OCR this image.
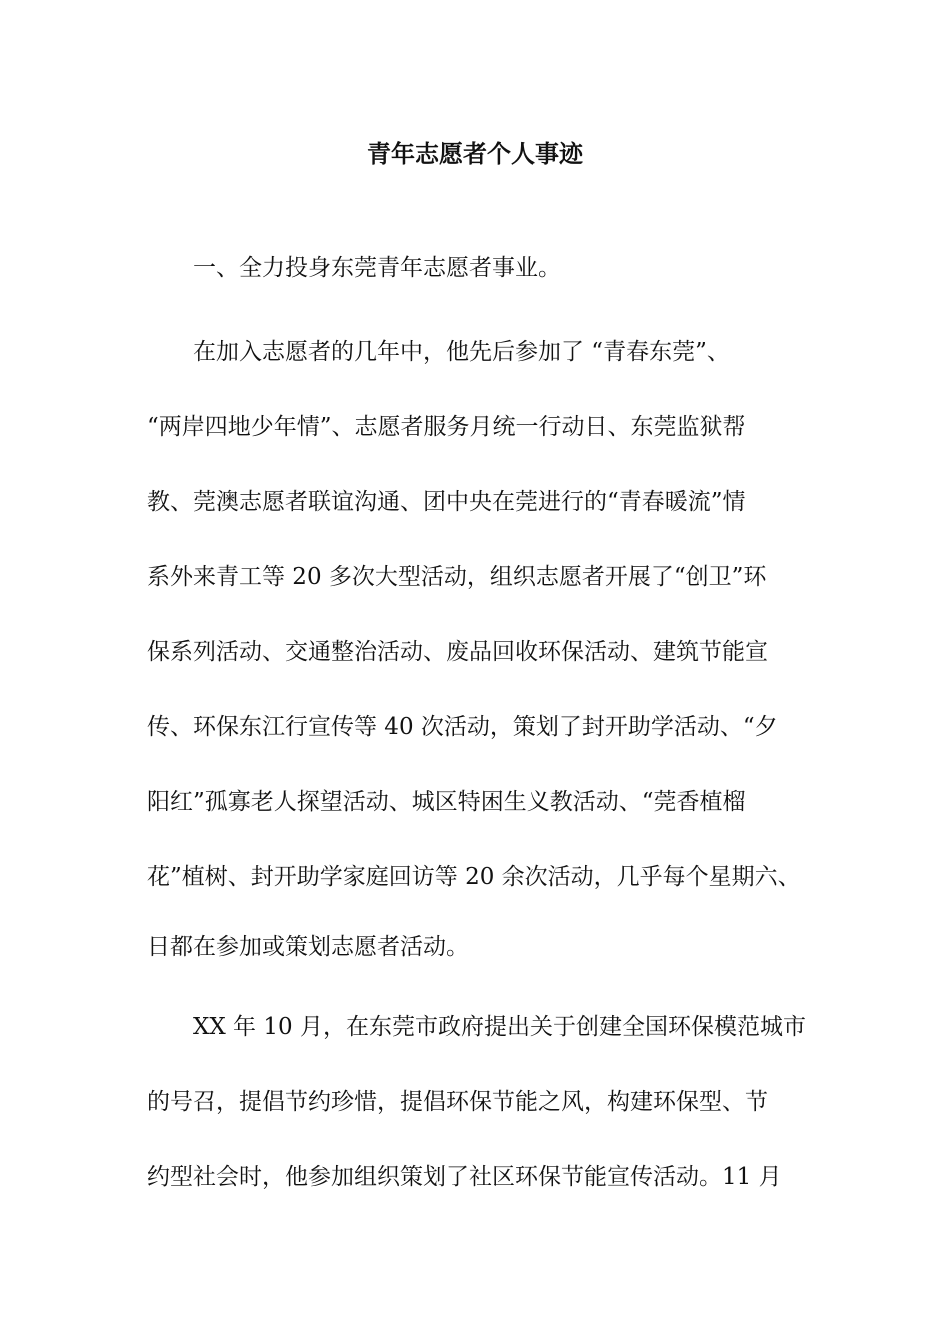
青年志愿者个人事迹
　　一、全力投身东莞青年志愿者事业。
　　在加入志愿者的几年中，他先后参加了 “青春东莞”、
“两岸四地少年情”、志愿者服务月统一行动日、东莞监狱帮
教、莞澳志愿者联谊沟通、团中央在莞进行的“青春暖流”情
系外来青工等 20 多次大型活动，组织志愿者开展了“创卫”环
保系列活动、交通整治活动、废品回收环保活动、建筑节能宣
传、环保东江行宣传等 40 次活动，策划了封开助学活动、“夕
阳红”孤寡老人探望活动、城区特困生义教活动、“莞香植榴
花”植树、封开助学家庭回访等 20 余次活动，几乎每个星期六、
日都在参加或策划志愿者活动。
　　XX 年 10 月，在东莞市政府提出关于创建全国环保模范城市
的号召，提倡节约珍惜，提倡环保节能之风，构建环保型、节
约型社会时，他参加组织策划了社区环保节能宣传活动。11 月
